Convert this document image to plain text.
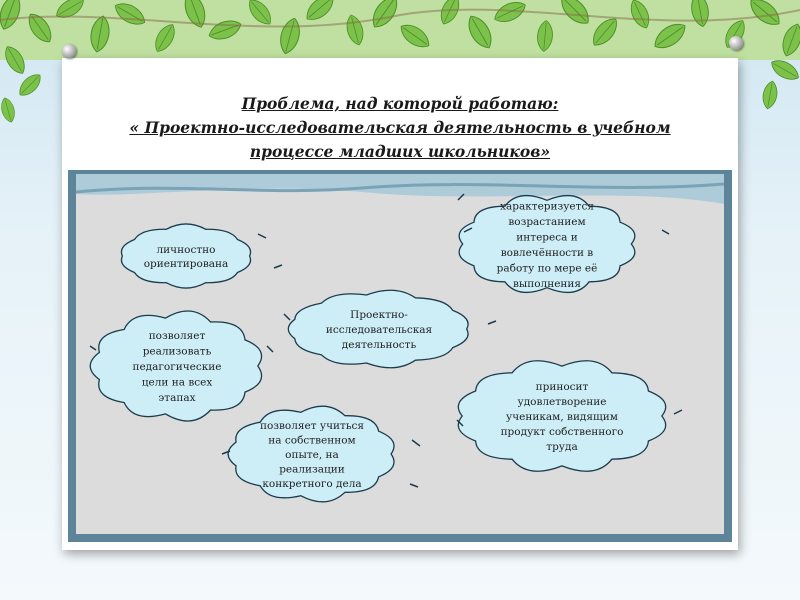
Проблема, над которой работаю:
« Проектно-исследовательская деятельность в учебном
процессе младших школьников»
личностно
ориентирована
характеризуется
возрастанием
интереса и
вовлечённости в
работу по мере её
выполнения
Проектно-
исследовательская
деятельность
позволяет
реализовать
педагогические
цели на всех
этапах
позволяет учиться
на собственном
опыте, на
реализации
конкретного дела
приносит
удовлетворение
ученикам, видящим
продукт собственного
труда
